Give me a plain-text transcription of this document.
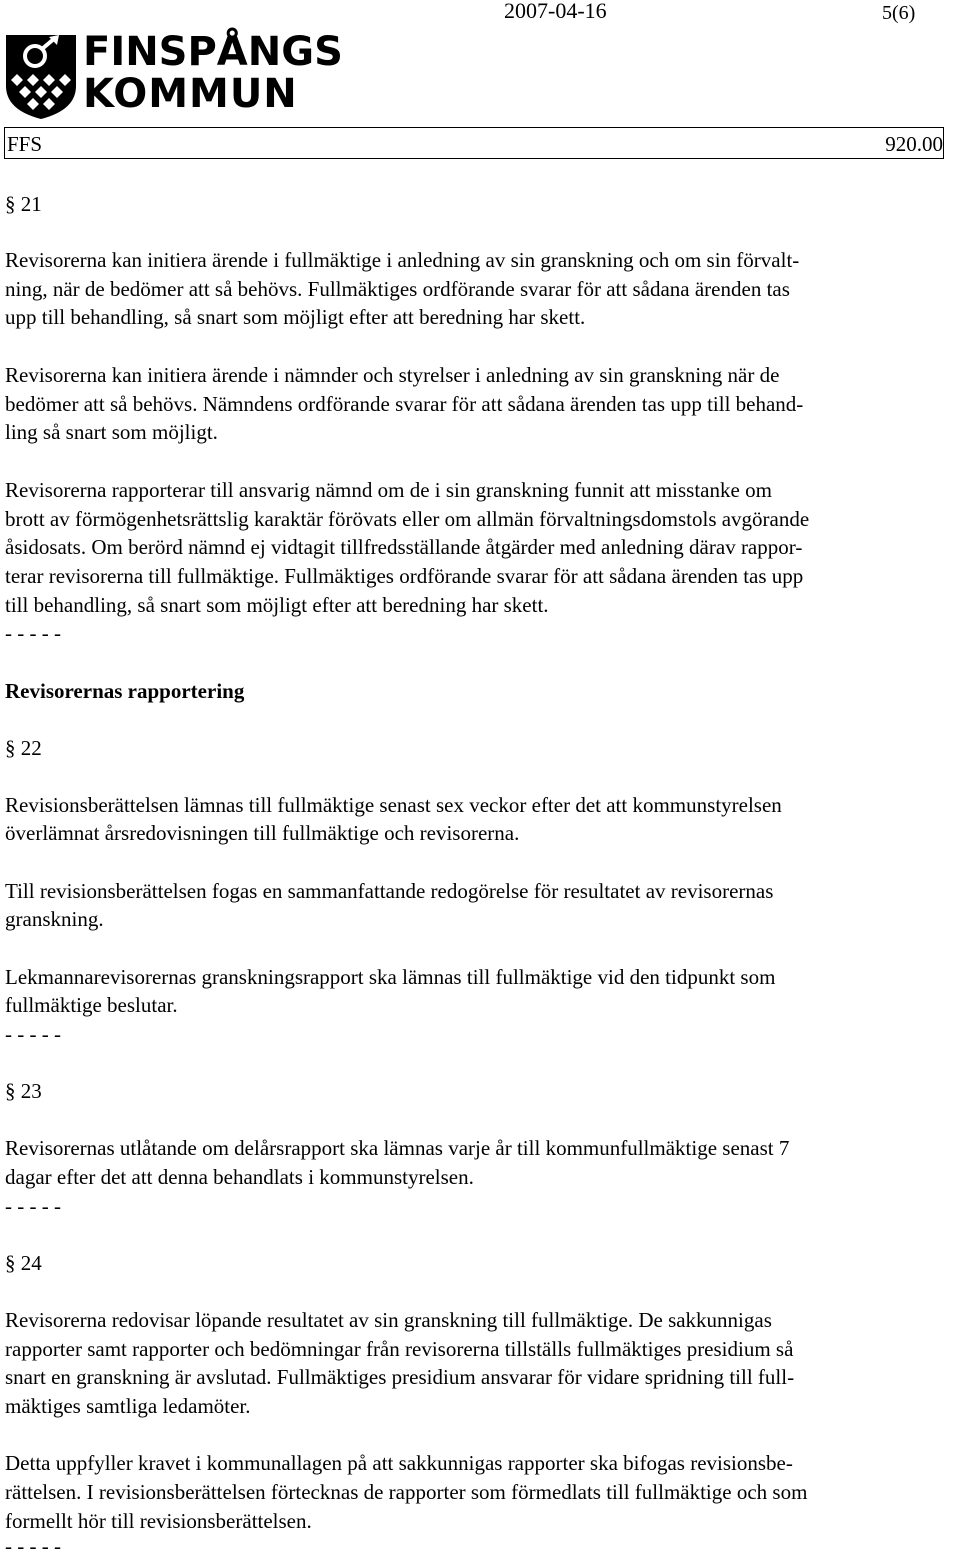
2007-04-16	5(6)
FINSPÅNGS
KOMMUN
FFS	920.00
§ 21
Revisorerna kan initiera ärende i fullmäktige i anledning av sin granskning och om sin förvalt-
ning, när de bedömer att så behövs. Fullmäktiges ordförande svarar för att sådana ärenden tas
upp till behandling, så snart som möjligt efter att beredning har skett.
Revisorerna kan initiera ärende i nämnder och styrelser i anledning av sin granskning när de
bedömer att så behövs. Nämndens ordförande svarar för att sådana ärenden tas upp till behand-
ling så snart som möjligt.
Revisorerna rapporterar till ansvarig nämnd om de i sin granskning funnit att misstanke om
brott av förmögenhetsrättslig karaktär förövats eller om allmän förvaltningsdomstols avgörande
åsidosats. Om berörd nämnd ej vidtagit tillfredsställande åtgärder med anledning därav rappor-
terar revisorerna till fullmäktige. Fullmäktiges ordförande svarar för att sådana ärenden tas upp
till behandling, så snart som möjligt efter att beredning har skett.
- - - - -
Revisorernas rapportering
§ 22
Revisionsberättelsen lämnas till fullmäktige senast sex veckor efter det att kommunstyrelsen
överlämnat årsredovisningen till fullmäktige och revisorerna.
Till revisionsberättelsen fogas en sammanfattande redogörelse för resultatet av revisorernas
granskning.
Lekmannarevisorernas granskningsrapport ska lämnas till fullmäktige vid den tidpunkt som
fullmäktige beslutar.
- - - - -
§ 23
Revisorernas utlåtande om delårsrapport ska lämnas varje år till kommunfullmäktige senast 7
dagar efter det att denna behandlats i kommunstyrelsen.
- - - - -
§ 24
Revisorerna redovisar löpande resultatet av sin granskning till fullmäktige. De sakkunnigas
rapporter samt rapporter och bedömningar från revisorerna tillställs fullmäktiges presidium så
snart en granskning är avslutad. Fullmäktiges presidium ansvarar för vidare spridning till full-
mäktiges samtliga ledamöter.
Detta uppfyller kravet i kommunallagen på att sakkunnigas rapporter ska bifogas revisionsbe-
rättelsen. I revisionsberättelsen förtecknas de rapporter som förmedlats till fullmäktige och som
formellt hör till revisionsberättelsen.
- - - - -
